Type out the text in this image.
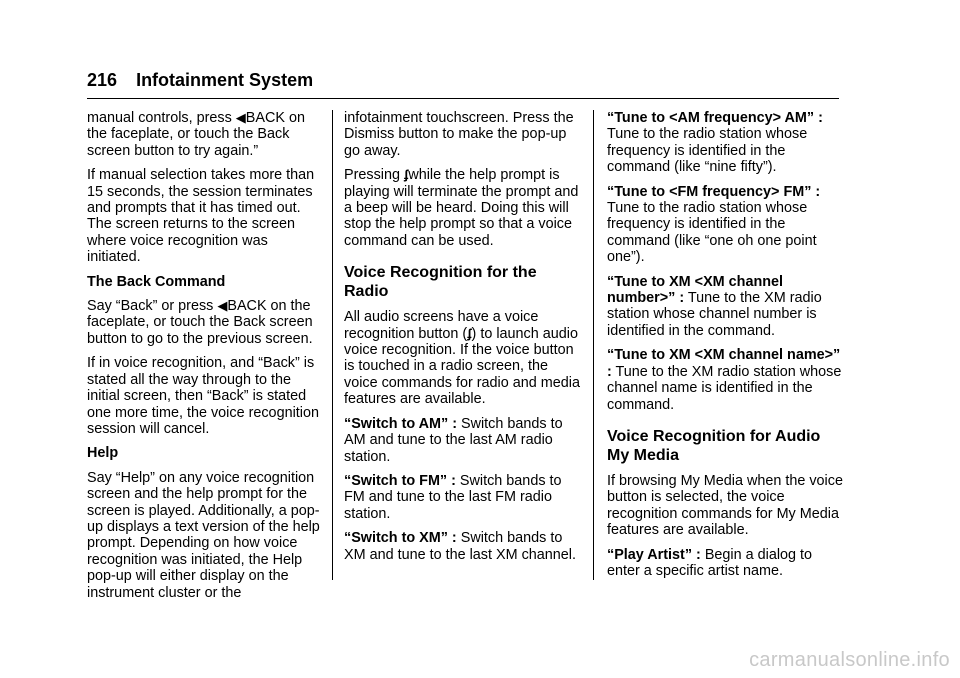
216 Infotainment System

manual controls, press ◀BACK on the faceplate, or touch the Back screen button to try again.”

If manual selection takes more than 15 seconds, the session terminates and prompts that it has timed out. The screen returns to the screen where voice recognition was initiated.

The Back Command

Say “Back” or press ◀BACK on the faceplate, or touch the Back screen button to go to the previous screen.

If in voice recognition, and “Back” is stated all the way through to the initial screen, then “Back” is stated one more time, the voice recognition session will cancel.

Help

Say “Help” on any voice recognition screen and the help prompt for the screen is played. Additionally, a pop-up displays a text version of the help prompt. Depending on how voice recognition was initiated, the Help pop-up will either display on the instrument cluster or the

infotainment touchscreen. Press the Dismiss button to make the pop-up go away.

Pressing ʄwhile the help prompt is playing will terminate the prompt and a beep will be heard. Doing this will stop the help prompt so that a voice command can be used.

Voice Recognition for the Radio

All audio screens have a voice recognition button (ʄ) to launch audio voice recognition. If the voice button is touched in a radio screen, the voice commands for radio and media features are available.

“Switch to AM” : Switch bands to AM and tune to the last AM radio station.

“Switch to FM” : Switch bands to FM and tune to the last FM radio station.

“Switch to XM” : Switch bands to XM and tune to the last XM channel.

“Tune to <AM frequency> AM” : Tune to the radio station whose frequency is identified in the command (like “nine fifty”).

“Tune to <FM frequency> FM” : Tune to the radio station whose frequency is identified in the command (like “one oh one point one”).

“Tune to XM <XM channel number>” : Tune to the XM radio station whose channel number is identified in the command.

“Tune to XM <XM channel name>” : Tune to the XM radio station whose channel name is identified in the command.

Voice Recognition for Audio My Media

If browsing My Media when the voice button is selected, the voice recognition commands for My Media features are available.

“Play Artist” : Begin a dialog to enter a specific artist name.

carmanualsonline.info
